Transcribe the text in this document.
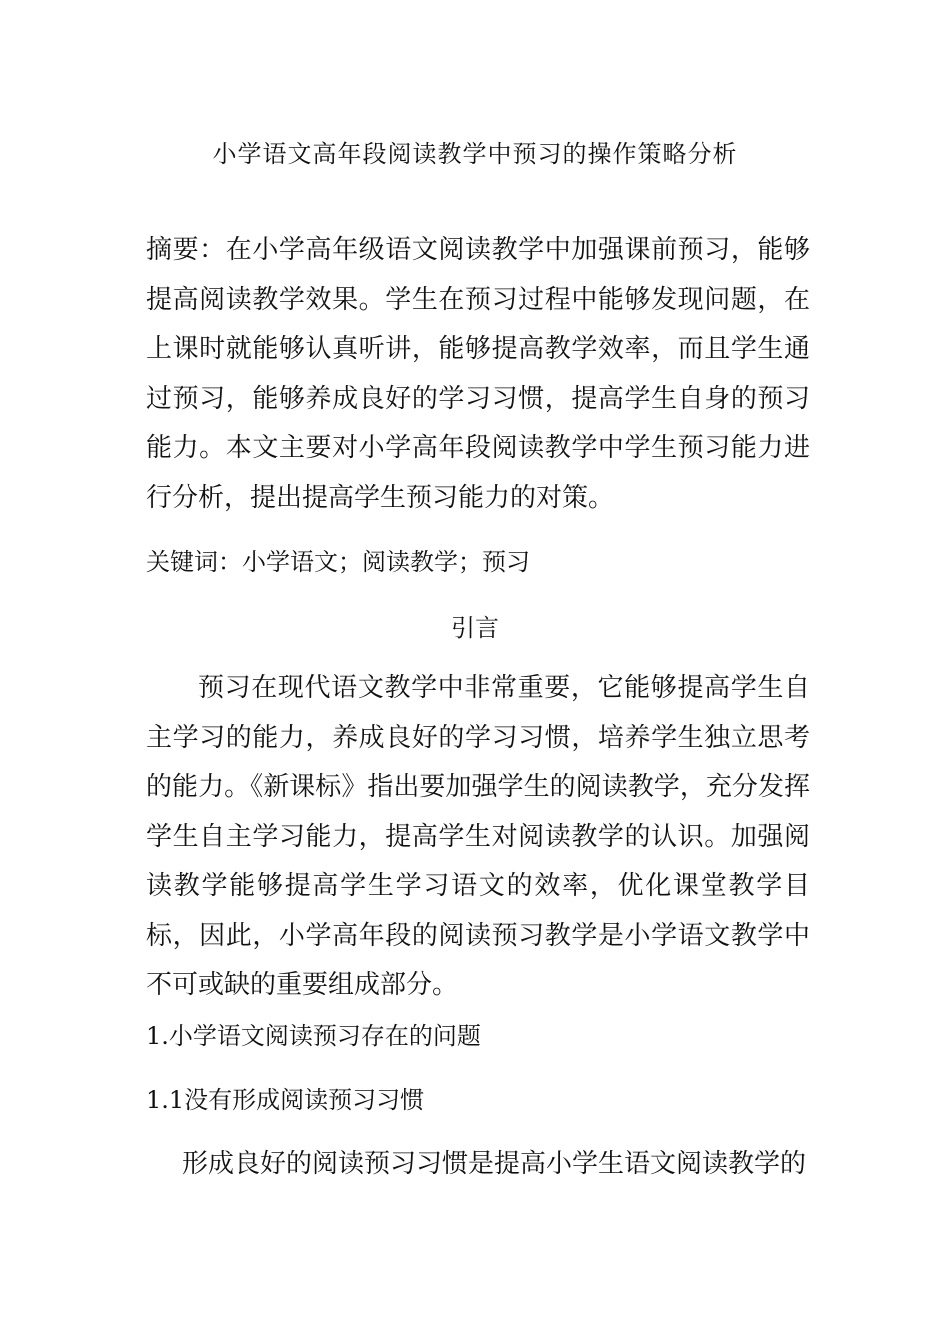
小学语文高年段阅读教学中预习的操作策略分析
摘要：在小学高年级语文阅读教学中加强课前预习，能够提高阅读教学效果。学生在预习过程中能够发现问题，在上课时就能够认真听讲，能够提高教学效率，而且学生通过预习，能够养成良好的学习习惯，提高学生自身的预习能力。本文主要对小学高年段阅读教学中学生预习能力进行分析，提出提高学生预习能力的对策。
关键词：小学语文；阅读教学；预习
引言
预习在现代语文教学中非常重要，它能够提高学生自主学习的能力，养成良好的学习习惯，培养学生独立思考的能力。《新课标》指出要加强学生的阅读教学，充分发挥学生自主学习能力，提高学生对阅读教学的认识。加强阅读教学能够提高学生学习语文的效率，优化课堂教学目标，因此，小学高年段的阅读预习教学是小学语文教学中不可或缺的重要组成部分。
1.小学语文阅读预习存在的问题
1.1没有形成阅读预习习惯
形成良好的阅读预习习惯是提高小学生语文阅读教学的
